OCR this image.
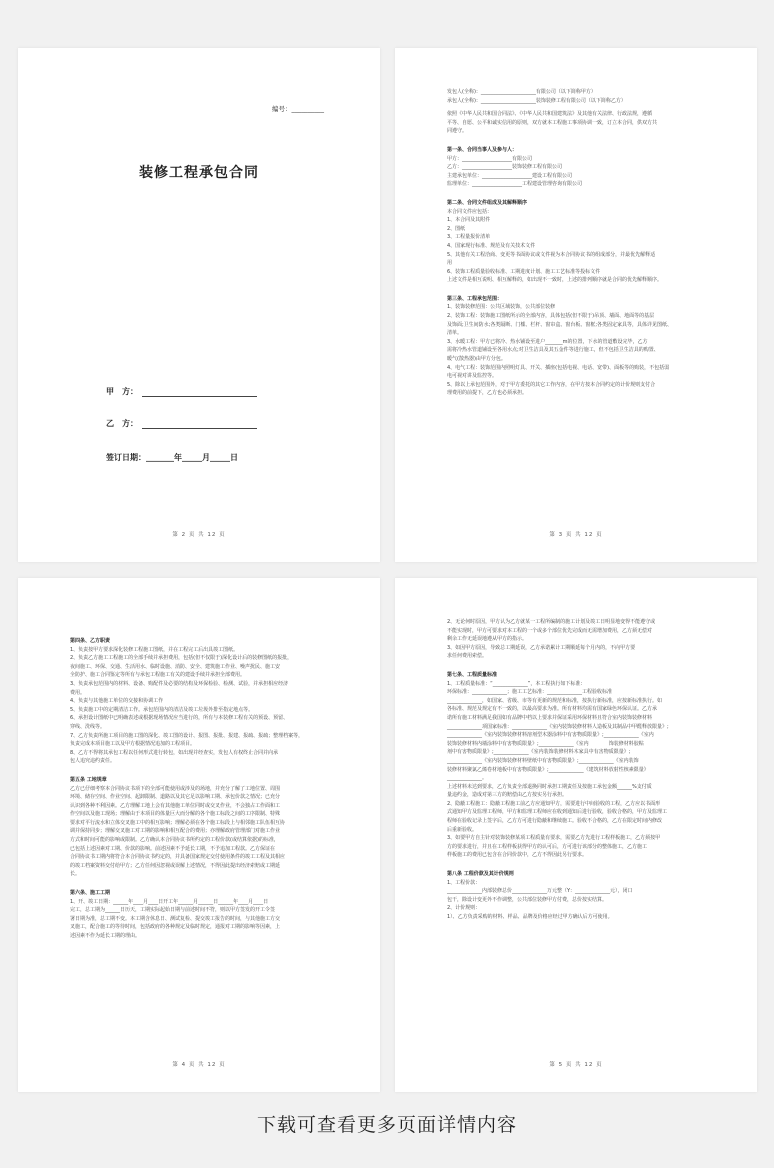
编号：__________
装修工程承包合同
甲　方：
乙　方：
签订日期：_______年_____月_____日
第 2 页 共 12 页

发包人(全称)：______________________有限公司（以下简称甲方）

承包人(全称)：______________________装饰装修工程有限公司（以下简称乙方）

依照《中华人民共和国合同法》、《中华人民共和国建筑法》及其他有关法律、行政法规，遵循

平等、自愿、公平和诚实信用的原则，双方就本工程施工事项协调一致，订立本合同，供双方共

同遵守。

第一条、合同当事人及参与人：

甲方：____________________有限公司

乙方：____________________装饰装修工程有限公司

主建承包单位：____________________建设工程有限公司

监理单位：____________________工程建设管理咨询有限公司

第二条、合同文件组成及其解释顺序

本合同文件应包括：

1、本合同及其附件

2、图纸

3、工程量报价清单

4、国家现行标准、规范及有关技术文件

5、其他有关工程洽商、变更等书面协议或文件视为本合同协议书的组成部分，并最优先解释适

用

6、装饰工程质量验收标准、工期进度计划、施工工艺标准等投标文件

上述文件是相互说明、相互解释的，如出现不一致时，上述的排列顺序就是合同的优先解释顺序。

第三条、工程承包范围：

1、装饰装修范围：公共区域装饰，公共部位装修

2、装饰工程：装饰施工图纸所示的全部内容，具体包括(但不限于)吊顶、墙面、地面等的基层

及饰面;卫生间防水;各类隔断、门槛、栏杆、窗帘盒、窗台板、窗框;各类固定家具等，具体详见图纸、

清单。

3、水暖工程：甲方已将冷、热水铺设至进户_______m的位置，下水的管道敷设完毕，乙方

需将冷热水管道铺设至各用水点;对卫生洁具及其五金件等进行施工，但不包括卫生洁具的购置、

暖气(散热器)由甲方分包。

4、电气工程：装饰范围内照明灯具、开关、插座(包括电视、电话、宽带)、面板等的购装，不包括弱

电可视对讲及监控等。

5、除以上承包范围外，对于甲方委托的其它工作内容，在甲方按本合同约定的计价规则支付合

理费用的前提下，乙方也必须承担。

第 3 页 共 12 页

第四条、乙方职责

1、负责按甲方要求深化装修工程施工图纸，并在工程完工后出具竣工图纸。

2、负责乙方施工工程施工的全部手续并承担费用，包括(但不仅限于)深化设计后的装修图纸的报批，

夜间施工、环保、交通、生活用水、临时设施、消防、安全、建筑施工作业、噪声扰民、施工安

全防护、施工合同鉴定等所有与承包工程施工有关的建设手续并承担全部费用。

3、负责承包范围内的材料、设备、购配件及必要的结构及环保检验、检测、试验，并承担相应经济

费用。

4、负责与其他施工单位的交接和协调工作

5、负责施工中的定期清洁工作。承包范围内的清洁及竣工垃圾外排至指定地点等。

6、承担设计图纸中已明确表述或根据现场情况应当进行的，所有与本装修工程有关的预设、预留、

穿线、洗线等。

7、乙方负责所施工项目的施工图的深化、竣工图的设计、报图、报批、报建、报疏、报疏；整理档案等，

负责完成本项目施工以及甲方根据情况追加的工程项目。

8、乙方不得将其承包工程以任何形式进行转包，如出现并经查实，发包人有权终止合同并向承

包人追究违约责任。

第五条 工地规章

乙方已仔细考察本合同协议书项下的全部可能使用或涉及的场地，并充分了解了工地位置、周围

环境、储存空间、作业空间、起卸限制、道路以及其它足以影响工期、承包价款之情况；已充分

认识到各种不利因素。乙方理解工地上会有其他施工单位同时或交叉作业，不会独占工作面和工

作空间以及施工现场；理解由于本项目的体量巨大而分解的各个施工标段之间的工序限制、特殊

要求对平行流水和立体交叉施工中的相互影响；理解必须在各个施工标段上与相邻施工队伍相互协

调并保持同步；理解交叉施工对工期的影响和相互配合的费用；亦理解政府管理部门对施工作业

方式和时间可能的影响或限制。乙方确认本合同协议书所约定的工程价款(或结算依据)的标准，

已包括上述因素对工期、价款的影响。前述因素不予延长工期，不予追加工程款。乙方保证在

合同协议书工期内将符合本合同协议书约定的，并具备国家规定交付使用条件的竣工工程及其相应

的竣工档案资料交付给甲方；乙方任何因忽视或误解上述情况，不得因此提出经济索赔或工期延

长。

第六条、施工工期

1、开、竣工日期：______年____月____日开工年______月______日______年____月____日

完工，总工期为______日历天，工期实际起始日期与前述时间不符，则以甲方签发的开工令签

署日期为准，总工期不变。本工期含休息日、测试复检、提交竣工报告的时间，与其他施工方交

叉施工，配合施工的等待时间，包括政府的各种规定及临时规定，通报对工期的影响等因素，上

述因素不作为延长工期的理由。

第 4 页 共 12 页

2、无论何时原因，甲方认为乙方就某一工程所编制的施工计划及竣工日明显地变得不能遵守或

不能实现时，甲方可要求对本工程的一个或多个部位优先完成而无需增加费用，乙方须无偿对

剩余工作无延误地遵从甲方的指示。

3、如因甲方原因，导致总工期延误，乙方承诺累计工期顺延每个月内的，不向甲方要

求任何费用索偿。

第七条、工程质量标准

1、工程质量标准：“______________”，本工程执行如下标准：

环保标准：______________；施工工艺标准：______________工程验收标准

______________，如国家、省级、市等有更新的规范和标准，按执行新标准，应按新标准执行。如

各标准、规范及规定有不一致的，以最高要求为准。所有材料均需有国家绿色环保认证。乙方承

诺所有施工材料满足我国如有品牌中档以上要求并保证采用环保材料且符合室内装饰装修材料

______________项国家标准：______________《室内装饰装修材料人造板及其制品中甲醛释放限量》;

______________《室内装饰装修材料溶剂型木器涂料中有害物质限量》;______________《室内

装饰装修材料内墙涂料中有害物质限量》;______________《室内　　　　饰装修材料胶粘

剂中有害物质限量》;______________《室内装饰装修材料木家具中有害物质限量》;

______________《室内装饰装修材料壁纸中有害物质限量》;______________《室内装饰

装修材料聚氯乙烯卷材地板中有害物质限量》;______________《建筑材料放射性核素限量》

______________。

上述材料未达到要求，乙方负责全部退换同时承担工期责任及按施工承包金额______%支付质

量违约金，造成对第三方的赔偿由乙方按实另行承担。

2、隐蔽工程施工：隐蔽工程施工前乙方应通知甲方，需要进行中间验收的工程，乙方应以书面形

式通知甲方及监理工程师，甲方和监理工程师应在收到通知后进行验收，验收合格的，甲方及监理工

程师在验收记录上签字后，乙方方可进行隐蔽和继续施工。验收不合格的，乙方在限定时间内修改

后重新验收。

3、如要甲方自主针对装饰装修某项工程质量有要求，需要乙方先进行工程样板施工，乙方须按甲

方的要求进行，并且在工程样板获得甲方的认可后，方可进行该部分的整体施工，乙方施工

样板施工的费用已包含在合同价款中，乙方不得因此另行要求。

第八条 工程价款及其计价规则

1、工程价款：

______________内部装修总价______________万元整（Y：______________元），闭口

包干，除设计变更外不作调整，公共部位装修甲方付费，总价按实结算。

2、计价规则：

1）、乙方负责采购的材料、样品、品牌及价格应经过甲方确认后方可使用。

第 5 页 共 12 页
下载可查看更多页面详情内容
